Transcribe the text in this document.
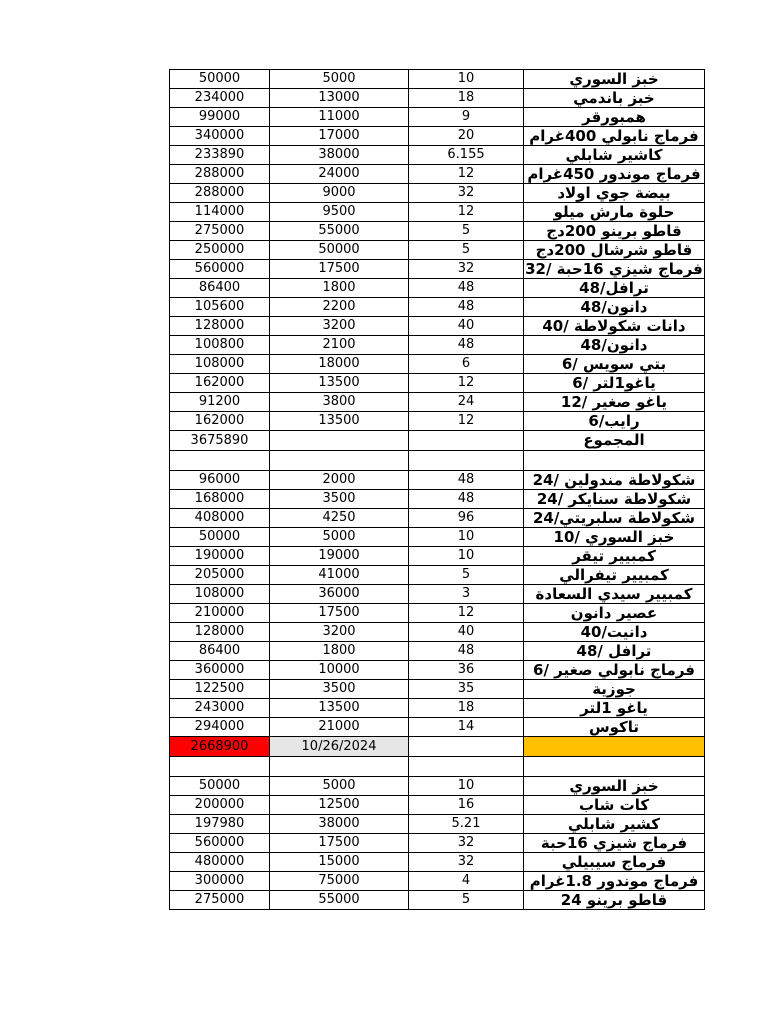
50000	5000	10	خبز السوري
234000	13000	18	خبز باندمي
99000	11000	9	همبورقر
340000	17000	20	فرماج نابولي 400غرام
233890	38000	6.155	كاشير شابلي
288000	24000	12	فرماج موندور 450غرام
288000	9000	32	بيضة جوي اولاد
114000	9500	12	حلوة مارش ميلو
275000	55000	5	قاطو برينو 200دج
250000	50000	5	قاطو شرشال 200دج
560000	17500	32	فرماج شيزي 16حبة /32
86400	1800	48	ترافل/48
105600	2200	48	دانون/48
128000	3200	40	دانات شكولاطة /40
100800	2100	48	دانون/48
108000	18000	6	بتي سويس /6
162000	13500	12	ياغو1لتر /6
91200	3800	24	ياغو صغير /12
162000	13500	12	رايب/6
3675890			المجموع

96000	2000	48	شكولاطة مندولين /24
168000	3500	48	شكولاطة سنايكر /24
408000	4250	96	شكولاطة سلبريتي/24
50000	5000	10	خبز السوري /10
190000	19000	10	كمبيير تيقر
205000	41000	5	كمبيير تيفرالي
108000	36000	3	كمبيير سيدي السعادة
210000	17500	12	عصير دانون
128000	3200	40	دانيت/40
86400	1800	48	ترافل /48
360000	10000	36	فرماج نابولي صغير /6
122500	3500	35	جوزية
243000	13500	18	ياغو 1لتر
294000	21000	14	تاكوس
2668900	10/26/2024		

50000	5000	10	خبز السوري
200000	12500	16	كات شاب
197980	38000	5.21	كشير شابلي
560000	17500	32	فرماج شيزي 16حبة
480000	15000	32	فرماج سيبيلي
300000	75000	4	فرماج موندور 1.8غرام
275000	55000	5	قاطو برينو 24
